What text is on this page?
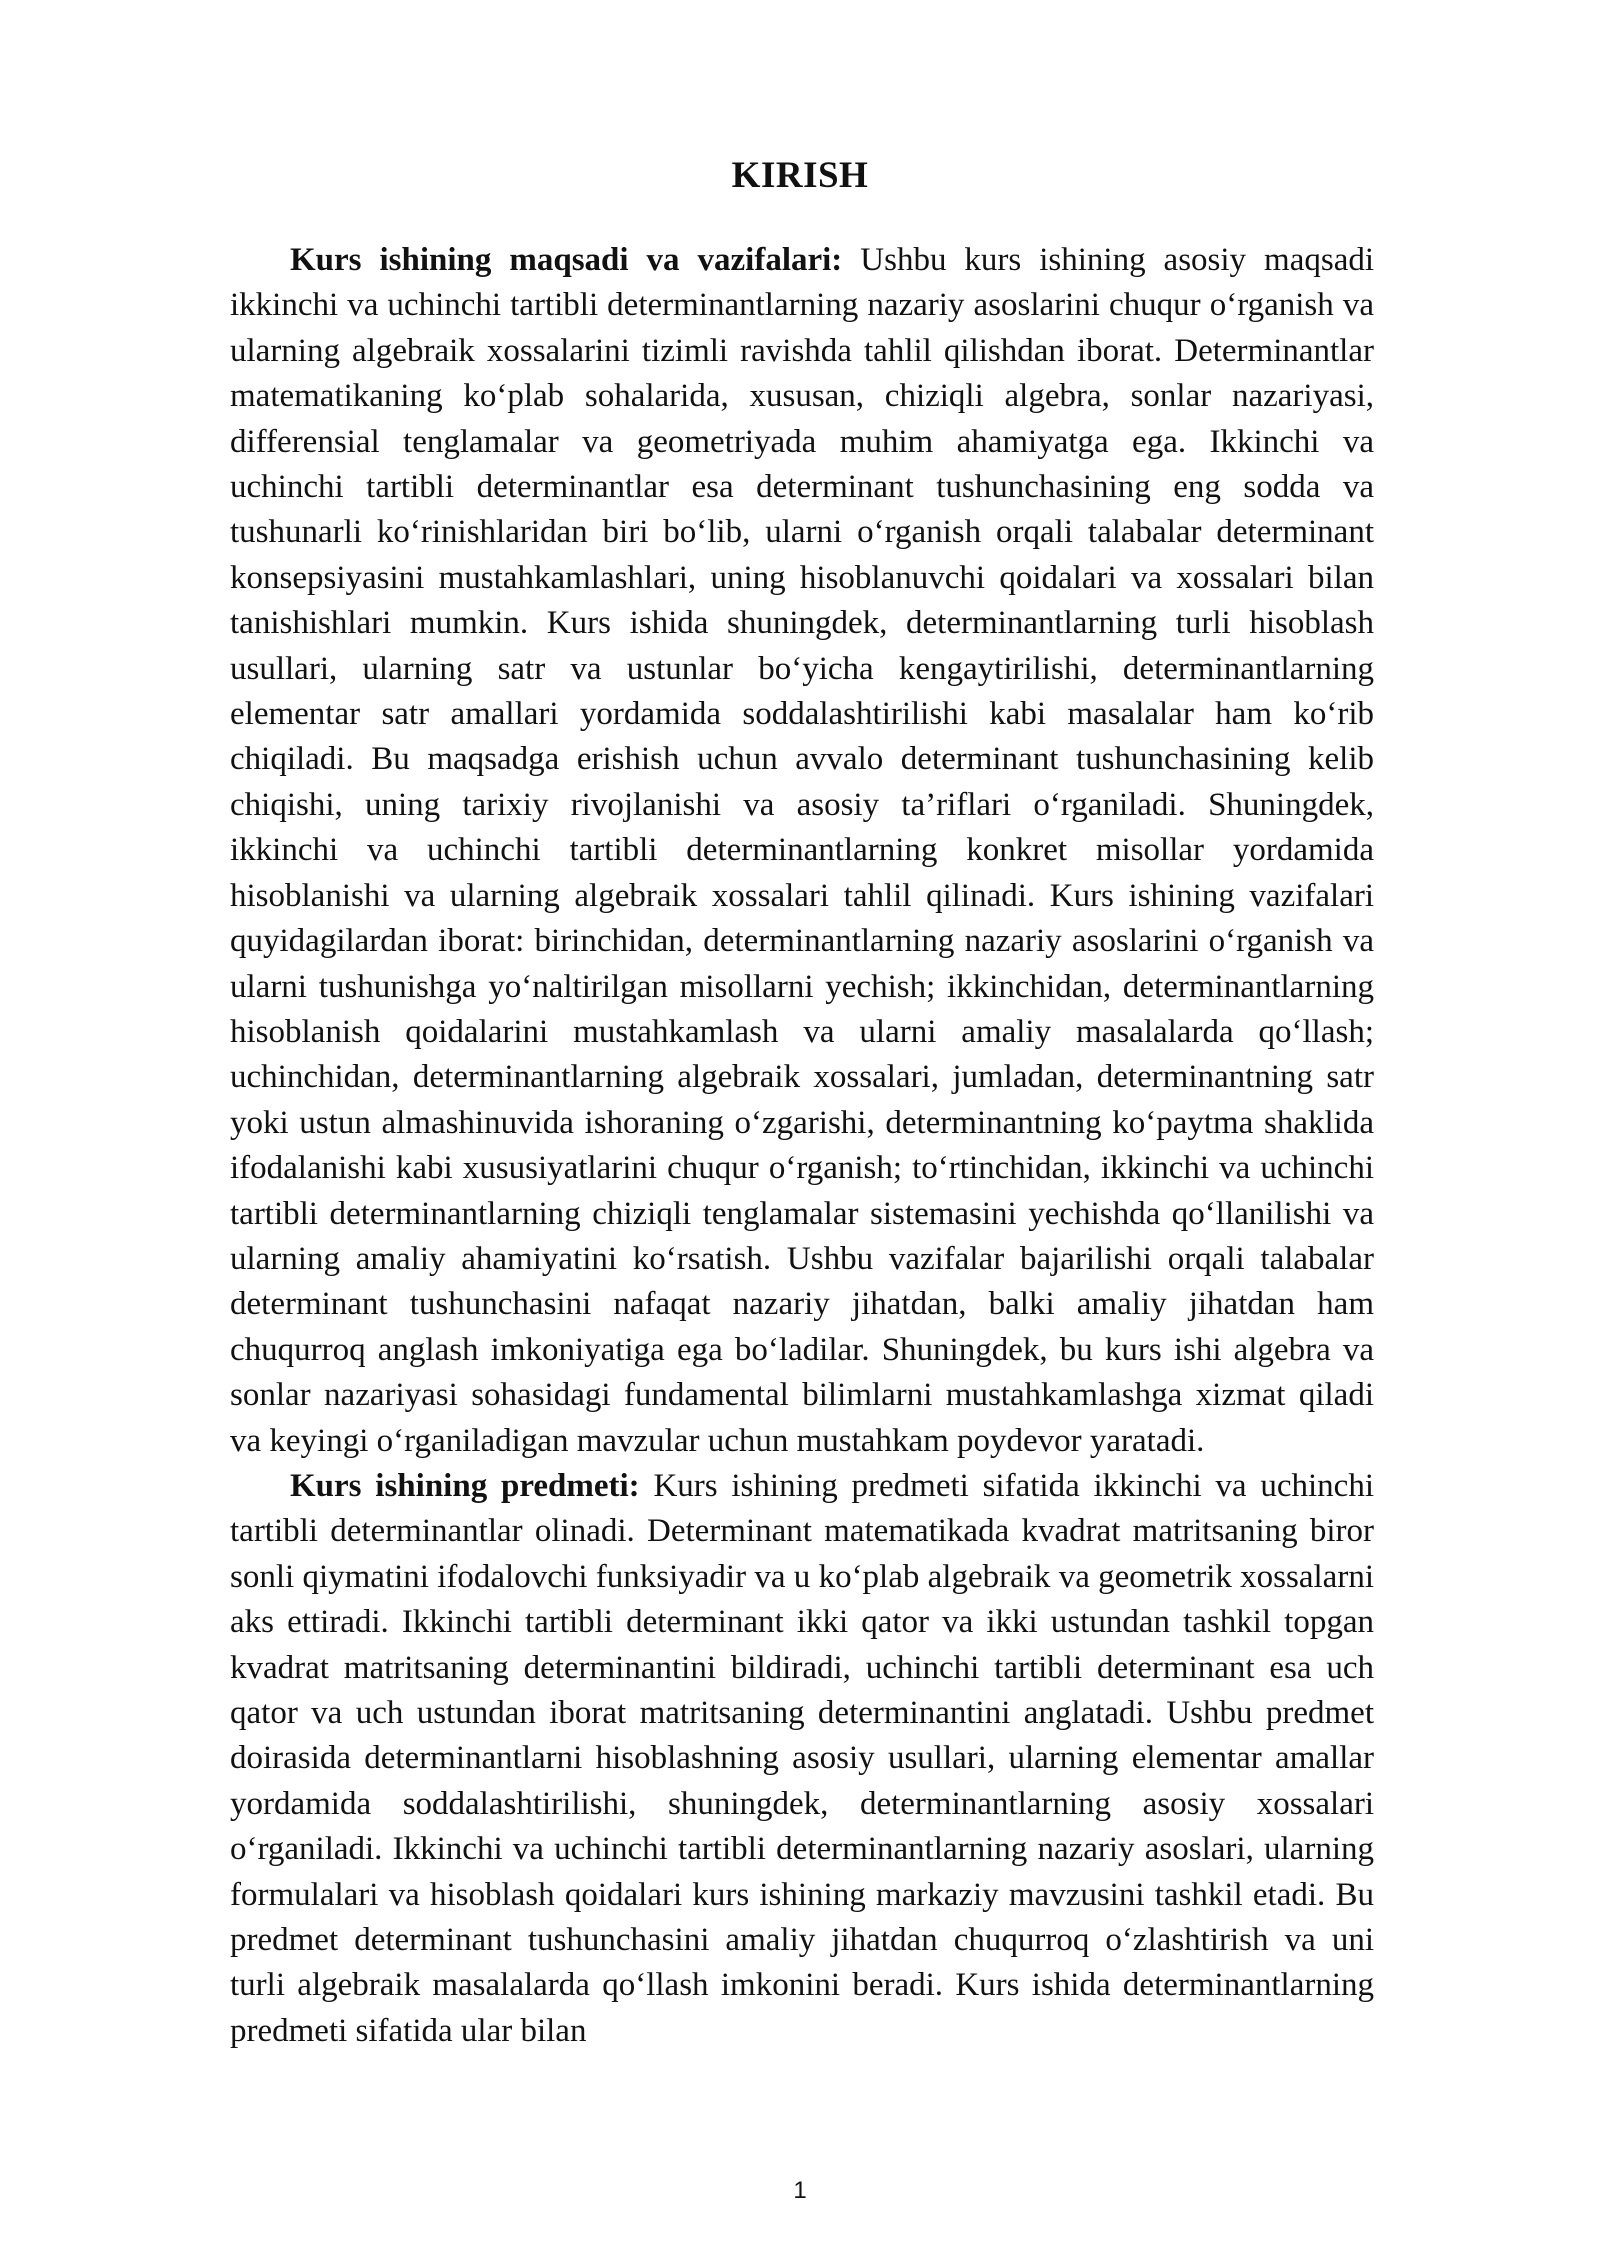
KIRISH

Kurs ishining maqsadi va vazifalari: Ushbu kurs ishining asosiy maqsadi ikkinchi va uchinchi tartibli determinantlarning nazariy asoslarini chuqur o‘rganish va ularning algebraik xossalarini tizimli ravishda tahlil qilishdan iborat. Determinantlar matematikaning ko‘plab sohalarida, xususan, chiziqli algebra, sonlar nazariyasi, differensial tenglamalar va geometriyada muhim ahamiyatga ega. Ikkinchi va uchinchi tartibli determinantlar esa determinant tushunchasining eng sodda va tushunarli ko‘rinishlaridan biri bo‘lib, ularni o‘rganish orqali talabalar determinant konsepsiyasini mustahkamlashlari, uning hisoblanuvchi qoidalari va xossalari bilan tanishishlari mumkin. Kurs ishida shuningdek, determinantlarning turli hisoblash usullari, ularning satr va ustunlar bo‘yicha kengaytirilishi, determinantlarning elementar satr amallari yordamida soddalashtirilishi kabi masalalar ham ko‘rib chiqiladi. Bu maqsadga erishish uchun avvalo determinant tushunchasining kelib chiqishi, uning tarixiy rivojlanishi va asosiy ta’riflari o‘rganiladi. Shuningdek, ikkinchi va uchinchi tartibli determinantlarning konkret misollar yordamida hisoblanishi va ularning algebraik xossalari tahlil qilinadi. Kurs ishining vazifalari quyidagilardan iborat: birinchidan, determinantlarning nazariy asoslarini o‘rganish va ularni tushunishga yo‘naltirilgan misollarni yechish; ikkinchidan, determinantlarning hisoblanish qoidalarini mustahkamlash va ularni amaliy masalalarda qo‘llash; uchinchidan, determinantlarning algebraik xossalari, jumladan, determinantning satr yoki ustun almashinuvida ishoraning o‘zgarishi, determinantning ko‘paytma shaklida ifodalanishi kabi xususiyatlarini chuqur o‘rganish; to‘rtinchidan, ikkinchi va uchinchi tartibli determinantlarning chiziqli tenglamalar sistemasini yechishda qo‘llanilishi va ularning amaliy ahamiyatini ko‘rsatish. Ushbu vazifalar bajarilishi orqali talabalar determinant tushunchasini nafaqat nazariy jihatdan, balki amaliy jihatdan ham chuqurroq anglash imkoniyatiga ega bo‘ladilar. Shuningdek, bu kurs ishi algebra va sonlar nazariyasi sohasidagi fundamental bilimlarni mustahkamlashga xizmat qiladi va keyingi o‘rganiladigan mavzular uchun mustahkam poydevor yaratadi.

Kurs ishining predmeti: Kurs ishining predmeti sifatida ikkinchi va uchinchi tartibli determinantlar olinadi. Determinant matematikada kvadrat matritsaning biror sonli qiymatini ifodalovchi funksiyadir va u ko‘plab algebraik va geometrik xossalarni aks ettiradi. Ikkinchi tartibli determinant ikki qator va ikki ustundan tashkil topgan kvadrat matritsaning determinantini bildiradi, uchinchi tartibli determinant esa uch qator va uch ustundan iborat matritsaning determinantini anglatadi. Ushbu predmet doirasida determinantlarni hisoblashning asosiy usullari, ularning elementar amallar yordamida soddalashtirilishi, shuningdek, determinantlarning asosiy xossalari o‘rganiladi. Ikkinchi va uchinchi tartibli determinantlarning nazariy asoslari, ularning formulalari va hisoblash qoidalari kurs ishining markaziy mavzusini tashkil etadi. Bu predmet determinant tushunchasini amaliy jihatdan chuqurroq o‘zlashtirish va uni turli algebraik masalalarda qo‘llash imkonini beradi. Kurs ishida determinantlarning predmeti sifatida ular bilan

1
